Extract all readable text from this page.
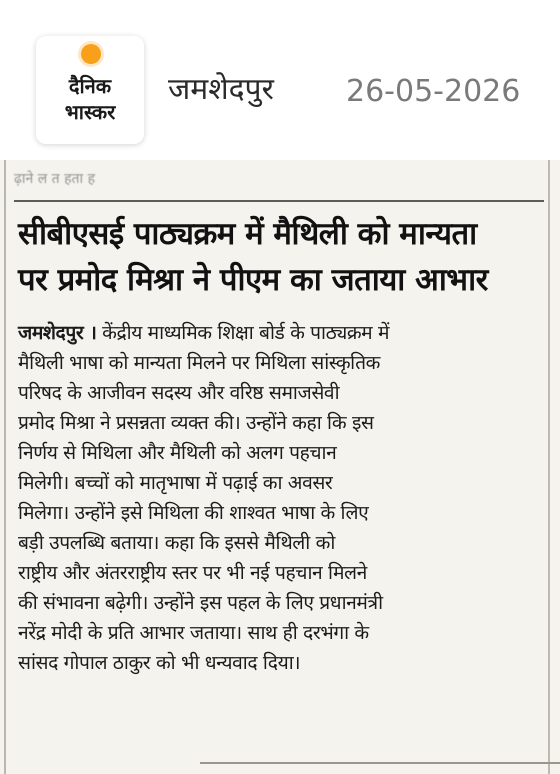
दैनिक
भास्कर
जमशेदपुर 26-05-2026
ढ़ाने ल त हता ह
सीबीएसई पाठ्यक्रम में मैथिली को मान्यता
पर प्रमोद मिश्रा ने पीएम का जताया आभार
जमशेदपुर । केंद्रीय माध्यमिक शिक्षा बोर्ड के पाठ्यक्रम में
मैथिली भाषा को मान्यता मिलने पर मिथिला सांस्कृतिक
परिषद के आजीवन सदस्य और वरिष्ठ समाजसेवी
प्रमोद मिश्रा ने प्रसन्नता व्यक्त की। उन्होंने कहा कि इस
निर्णय से मिथिला और मैथिली को अलग पहचान
मिलेगी। बच्चों को मातृभाषा में पढ़ाई का अवसर
मिलेगा। उन्होंने इसे मिथिला की शाश्वत भाषा के लिए
बड़ी उपलब्धि बताया। कहा कि इससे मैथिली को
राष्ट्रीय और अंतरराष्ट्रीय स्तर पर भी नई पहचान मिलने
की संभावना बढ़ेगी। उन्होंने इस पहल के लिए प्रधानमंत्री
नरेंद्र मोदी के प्रति आभार जताया। साथ ही दरभंगा के
सांसद गोपाल ठाकुर को भी धन्यवाद दिया।
